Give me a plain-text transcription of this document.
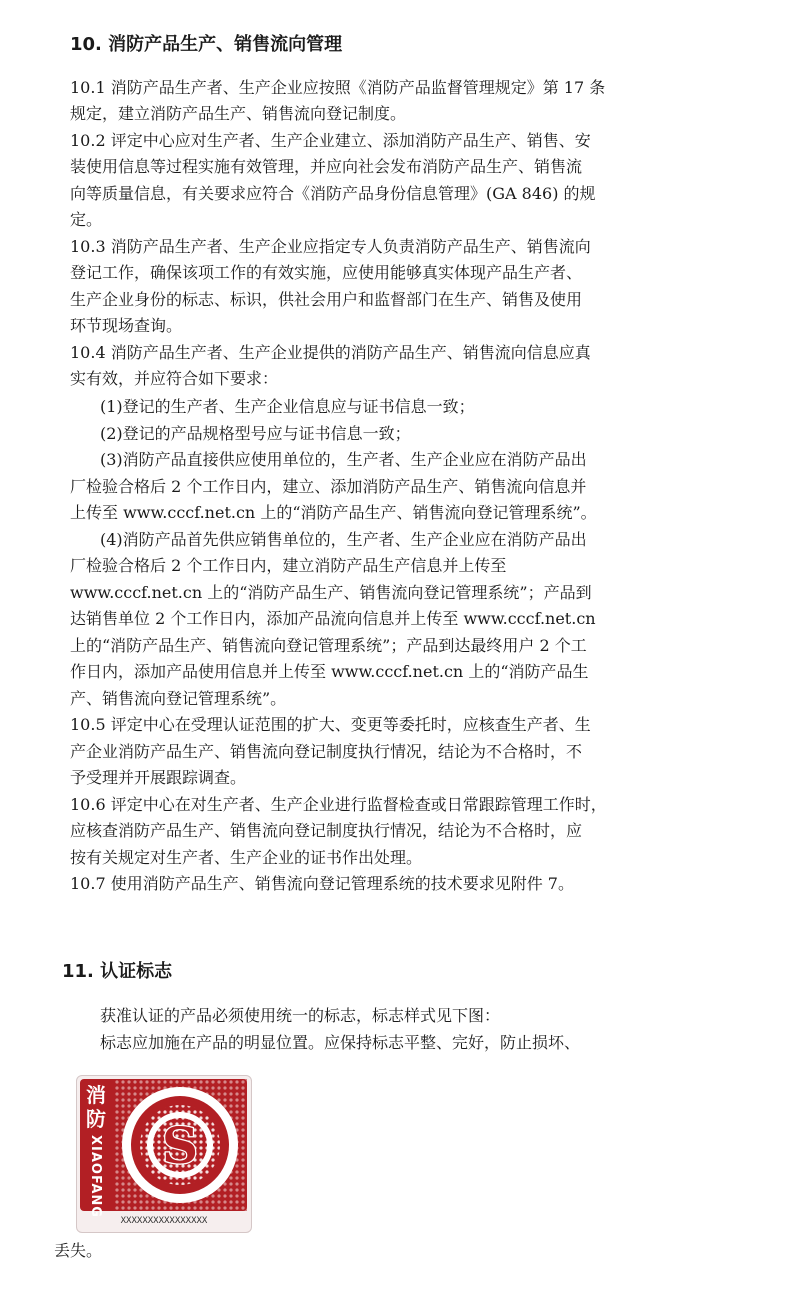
10. 消防产品生产、销售流向管理
10.1 消防产品生产者、生产企业应按照《消防产品监督管理规定》第 17 条
规定，建立消防产品生产、销售流向登记制度。
10.2 评定中心应对生产者、生产企业建立、添加消防产品生产、销售、安
装使用信息等过程实施有效管理，并应向社会发布消防产品生产、销售流
向等质量信息，有关要求应符合《消防产品身份信息管理》(GA 846) 的规
定。
10.3 消防产品生产者、生产企业应指定专人负责消防产品生产、销售流向
登记工作，确保该项工作的有效实施，应使用能够真实体现产品生产者、
生产企业身份的标志、标识，供社会用户和监督部门在生产、销售及使用
环节现场查询。
10.4 消防产品生产者、生产企业提供的消防产品生产、销售流向信息应真
实有效，并应符合如下要求：
(1)登记的生产者、生产企业信息应与证书信息一致；
(2)登记的产品规格型号应与证书信息一致；
(3)消防产品直接供应使用单位的，生产者、生产企业应在消防产品出
厂检验合格后 2 个工作日内，建立、添加消防产品生产、销售流向信息并
上传至 www.cccf.net.cn 上的“消防产品生产、销售流向登记管理系统”。
(4)消防产品首先供应销售单位的，生产者、生产企业应在消防产品出
厂检验合格后 2 个工作日内，建立消防产品生产信息并上传至
www.cccf.net.cn 上的“消防产品生产、销售流向登记管理系统”；产品到
达销售单位 2 个工作日内，添加产品流向信息并上传至 www.cccf.net.cn
上的“消防产品生产、销售流向登记管理系统”；产品到达最终用户 2 个工
作日内，添加产品使用信息并上传至 www.cccf.net.cn 上的“消防产品生
产、销售流向登记管理系统”。
10.5 评定中心在受理认证范围的扩大、变更等委托时，应核查生产者、生
产企业消防产品生产、销售流向登记制度执行情况，结论为不合格时，不
予受理并开展跟踪调查。
10.6 评定中心在对生产者、生产企业进行监督检查或日常跟踪管理工作时，
应核查消防产品生产、销售流向登记制度执行情况，结论为不合格时，应
按有关规定对生产者、生产企业的证书作出处理。
10.7 使用消防产品生产、销售流向登记管理系统的技术要求见附件 7。
11. 认证标志
获准认证的产品必须使用统一的标志，标志样式见下图：
标志应加施在产品的明显位置。应保持标志平整、完好，防止损坏、
消
防
XIAOFANG S
XXXXXXXXXXXXXXXX
丢失。
